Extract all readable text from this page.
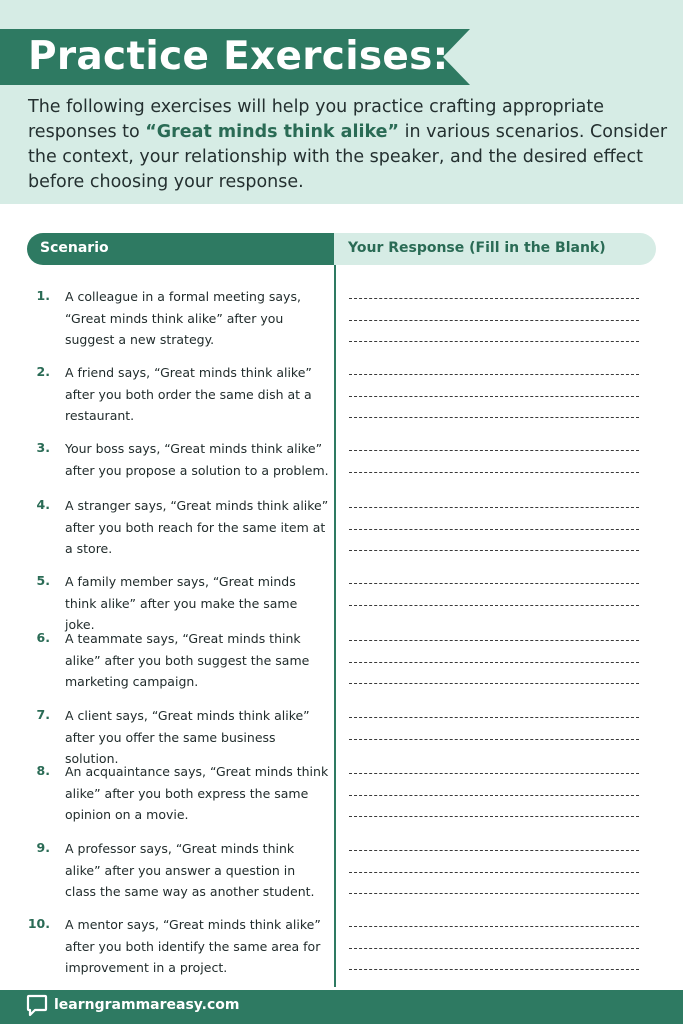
Practice Exercises:
The following exercises will help you practice crafting appropriate responses to “Great minds think alike” in various scenarios. Consider the context, your relationship with the speaker, and the desired effect before choosing your response.
Scenario	Your Response (Fill in the Blank)
1. A colleague in a formal meeting says, “Great minds think alike” after you suggest a new strategy.
2. A friend says, “Great minds think alike” after you both order the same dish at a restaurant.
3. Your boss says, “Great minds think alike” after you propose a solution to a problem.
4. A stranger says, “Great minds think alike” after you both reach for the same item at a store.
5. A family member says, “Great minds think alike” after you make the same joke.
6. A teammate says, “Great minds think alike” after you both suggest the same marketing campaign.
7. A client says, “Great minds think alike” after you offer the same business solution.
8. An acquaintance says, “Great minds think alike” after you both express the same opinion on a movie.
9. A professor says, “Great minds think alike” after you answer a question in class the same way as another student.
10. A mentor says, “Great minds think alike” after you both identify the same area for improvement in a project.
learngrammareasy.com
